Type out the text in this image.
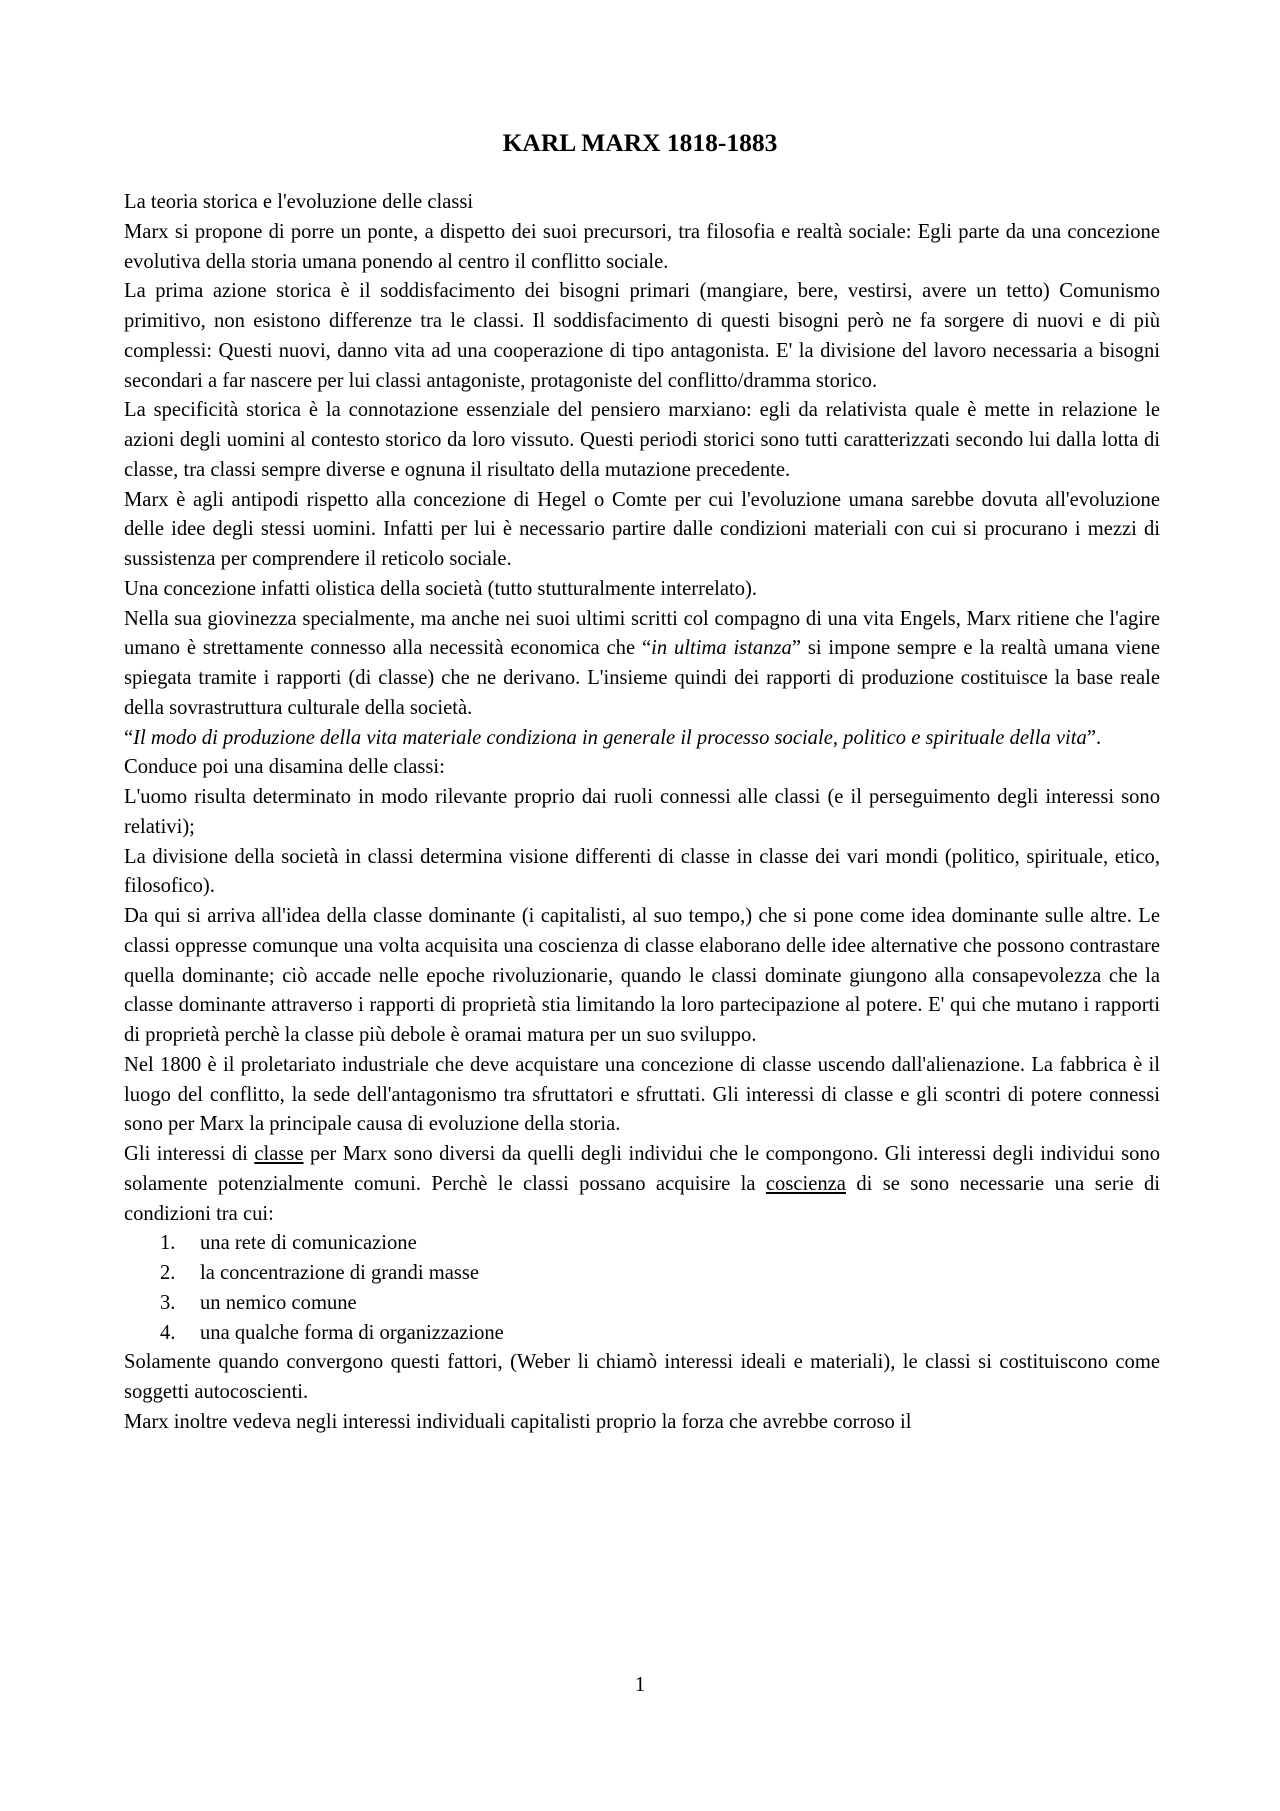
KARL MARX 1818-1883

La teoria storica e l'evoluzione delle classi

Marx si propone di porre un ponte, a dispetto dei suoi precursori, tra filosofia e realtà sociale: Egli parte da una concezione evolutiva della storia umana ponendo al centro il conflitto sociale.

La prima azione storica è il soddisfacimento dei bisogni primari (mangiare, bere, vestirsi, avere un tetto) Comunismo primitivo, non esistono differenze tra le classi. Il soddisfacimento di questi bisogni però ne fa sorgere di nuovi e di più complessi: Questi nuovi, danno vita ad una cooperazione di tipo antagonista. E' la divisione del lavoro necessaria a bisogni secondari a far nascere per lui classi antagoniste, protagoniste del conflitto/dramma storico.

La specificità storica è la connotazione essenziale del pensiero marxiano: egli da relativista quale è mette in relazione le azioni degli uomini al contesto storico da loro vissuto. Questi periodi storici sono tutti caratterizzati secondo lui dalla lotta di classe, tra classi sempre diverse e ognuna il risultato della mutazione precedente.

Marx è agli antipodi rispetto alla concezione di Hegel o Comte per cui l'evoluzione umana sarebbe dovuta all'evoluzione delle idee degli stessi uomini. Infatti per lui è necessario partire dalle condizioni materiali con cui si procurano i mezzi di sussistenza per comprendere il reticolo sociale.

Una concezione infatti olistica della società (tutto stutturalmente interrelato).

Nella sua giovinezza specialmente, ma anche nei suoi ultimi scritti col compagno di una vita Engels, Marx ritiene che l'agire umano è strettamente connesso alla necessità economica che “in ultima istanza” si impone sempre e la realtà umana viene spiegata tramite i rapporti (di classe) che ne derivano. L'insieme quindi dei rapporti di produzione costituisce la base reale della sovrastruttura culturale della società.

“Il modo di produzione della vita materiale condiziona in generale il processo sociale, politico e spirituale della vita”.

Conduce poi una disamina delle classi:

L'uomo risulta determinato in modo rilevante proprio dai ruoli connessi alle classi (e il perseguimento degli interessi sono relativi);

La divisione della società in classi determina visione differenti di classe in classe dei vari mondi (politico, spirituale, etico, filosofico).

Da qui si arriva all'idea della classe dominante (i capitalisti, al suo tempo,) che si pone come idea dominante sulle altre. Le classi oppresse comunque una volta acquisita una coscienza di classe elaborano delle idee alternative che possono contrastare quella dominante; ciò accade nelle epoche rivoluzionarie, quando le classi dominate giungono alla consapevolezza che la classe dominante attraverso i rapporti di proprietà stia limitando la loro partecipazione al potere. E' qui che mutano i rapporti di proprietà perchè la classe più debole è oramai matura per un suo sviluppo.

Nel 1800 è il proletariato industriale che deve acquistare una concezione di classe uscendo dall'alienazione. La fabbrica è il luogo del conflitto, la sede dell'antagonismo tra sfruttatori e sfruttati. Gli interessi di classe e gli scontri di potere connessi sono per Marx la principale causa di evoluzione della storia.

Gli interessi di classe per Marx sono diversi da quelli degli individui che le compongono. Gli interessi degli individui sono solamente potenzialmente comuni. Perchè le classi possano acquisire la coscienza di se sono necessarie una serie di condizioni tra cui:

1. una rete di comunicazione
2. la concentrazione di grandi masse
3. un nemico comune
4. una qualche forma di organizzazione

Solamente quando convergono questi fattori, (Weber li chiamò interessi ideali e materiali), le classi si costituiscono come soggetti autocoscienti.

Marx inoltre vedeva negli interessi individuali capitalisti proprio la forza che avrebbe corroso il

1
